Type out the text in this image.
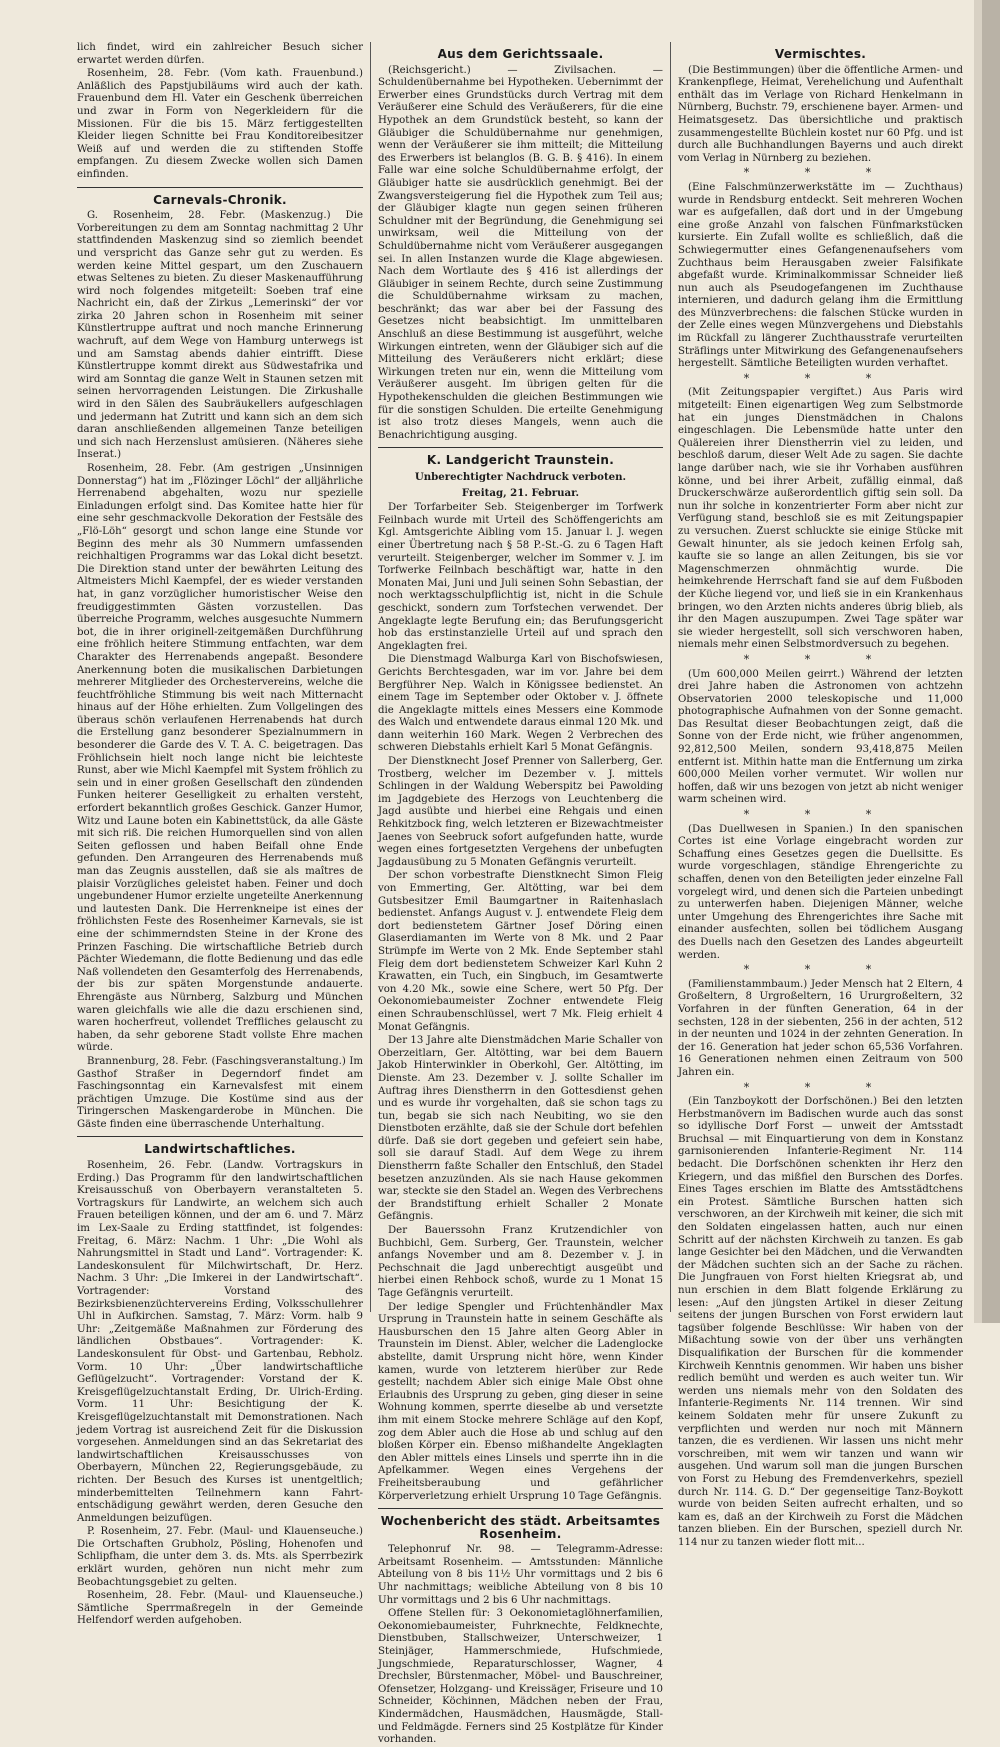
lich findet, wird ein zahlreicher Besuch sicher erwartet werden dürfen.

Rosenheim, 28. Febr. (Vom kath. Frauenbund.) Anläßlich des Papstjubiläums wird auch der kath. Frauenbund dem Hl. Vater ein Geschenk überreichen und zwar in Form von Negerkleidern für die Missionen. Für die bis 15. März fertiggestellten Kleider liegen Schnitte bei Frau Konditoreibesitzer Weiß auf und werden die zu stiftenden Stoffe empfangen. Zu diesem Zwecke wollen sich Damen einfinden.

Carnevals-Chronik.

G. Rosenheim, 28. Febr. (Maskenzug.) Die Vorbereitungen zu dem am Sonntag nachmittag 2 Uhr stattfindenden Maskenzug sind so ziemlich beendet und verspricht das Ganze sehr gut zu werden. Es werden keine Mittel gespart, um den Zuschauern etwas Seltenes zu bieten. Zu dieser Maskenaufführung wird noch folgendes mitgeteilt: Soeben traf eine Nachricht ein, daß der Zirkus „Lemerinski“ der vor zirka 20 Jahren schon in Rosenheim mit seiner Künstlertruppe auftrat und noch manche Erinnerung wachruft, auf dem Wege von Hamburg unterwegs ist und am Samstag abends dahier eintrifft. Diese Künstlertruppe kommt direkt aus Südwestafrika und wird am Sonntag die ganze Welt in Staunen setzen mit seinen hervorragenden Leistungen. Die Zirkushalle wird in den Sälen des Saubräukellers aufgeschlagen und jedermann hat Zutritt und kann sich an dem sich daran anschließenden allgemeinen Tanze beteiligen und sich nach Herzenslust amüsieren. (Näheres siehe Inserat.)

Rosenheim, 28. Febr. (Am gestrigen „Unsinnigen Donnerstag“) hat im „Flözinger Löchl“ der alljährliche Herrenabend abgehalten, wozu nur spezielle Einladungen erfolgt sind. Das Komitee hatte hier für eine sehr geschmackvolle Dekoration der Festsäle des „Flö-Löh“ gesorgt und schon lange eine Stunde vor Beginn des mehr als 30 Nummern umfassenden reichhaltigen Programms war das Lokal dicht besetzt. Die Direktion stand unter der bewährten Leitung des Altmeisters Michl Kaempfel, der es wieder verstanden hat, in ganz vorzüglicher humoristischer Weise den freudiggestimmten Gästen vorzustellen. Das überreiche Programm, welches ausgesuchte Nummern bot, die in ihrer originell-zeitgemäßen Durchführung eine fröhlich heitere Stimmung entfachten, war dem Charakter des Herrenabends angepaßt. Besondere Anerkennung boten die musikalischen Darbietungen mehrerer Mitglieder des Orchestervereins, welche die feuchtfröhliche Stimmung bis weit nach Mitternacht hinaus auf der Höhe erhielten. Zum Vollgelingen des überaus schön verlaufenen Herrenabends hat durch die Erstellung ganz besonderer Spezialnummern in besonderer die Garde des V. T. A. C. beigetragen. Das Fröhlichsein hielt noch lange nicht bie leichteste Runst, aber wie Michl Kaempfel mit System fröhlich zu sein und in einer großen Gesellschaft den zündenden Funken heiterer Geselligkeit zu erhalten versteht, erfordert bekanntlich großes Geschick. Ganzer Humor, Witz und Laune boten ein Kabinettstück, da alle Gäste mit sich riß. Die reichen Humorquellen sind von allen Seiten geflossen und haben Beifall ohne Ende gefunden. Den Arrangeuren des Herrenabends muß man das Zeugnis ausstellen, daß sie als maîtres de plaisir Vorzügliches geleistet haben. Feiner und doch ungebundener Humor erzielte ungeteilte Anerkennung und lautesten Dank. Die Herrenkneipe ist eines der fröhlichsten Feste des Rosenheimer Karnevals, sie ist eine der schimmerndsten Steine in der Krone des Prinzen Fasching. Die wirtschaftliche Betrieb durch Pächter Wiedemann, die flotte Bedienung und das edle Naß vollendeten den Gesamterfolg des Herrenabends, der bis zur späten Morgenstunde andauerte. Ehrengäste aus Nürnberg, Salzburg und München waren gleichfalls wie alle die dazu erschienen sind, waren hocherfreut, vollendet Treffliches gelauscht zu haben, da sehr geborene Stadt vollste Ehre machen würde.

Brannenburg, 28. Febr. (Faschingsveranstaltung.) Im Gasthof Straßer in Degerndorf findet am Faschingsonntag ein Karnevalsfest mit einem prächtigen Umzuge. Die Kostüme sind aus der Tiringerschen Maskengarderobe in München. Die Gäste finden eine überraschende Unterhaltung.

Landwirtschaftliches.

Rosenheim, 26. Febr. (Landw. Vortragskurs in Erding.) Das Programm für den landwirtschaftlichen Kreisausschuß von Oberbayern veranstalteten 5. Vortragskurs für Landwirte, an welchem sich auch Frauen beteiligen können, und der am 6. und 7. März im Lex-Saale zu Erding stattfindet, ist folgendes: Freitag, 6. März: Nachm. 1 Uhr: „Die Wohl als Nahrungsmittel in Stadt und Land“. Vortragender: K. Landeskonsulent für Milchwirtschaft, Dr. Herz. Nachm. 3 Uhr: „Die Imkerei in der Landwirtschaft“. Vortragender: Vorstand des Bezirksbienenzüchtervereins Erding, Volksschullehrer Uhl in Aufkirchen. Samstag, 7. März: Vorm. halb 9 Uhr: „Zeitgemäße Maßnahmen zur Förderung des ländlichen Obstbaues“. Vortragender: K. Landeskonsulent für Obst- und Gartenbau, Rebholz. Vorm. 10 Uhr: „Über landwirtschaftliche Geflügelzucht“. Vortragender: Vorstand der K. Kreisgeflügelzuchtanstalt Erding, Dr. Ulrich-Erding. Vorm. 11 Uhr: Besichtigung der K. Kreisgeflügelzuchtanstalt mit Demonstrationen. Nach jedem Vortrag ist ausreichend Zeit für die Diskussion vorgesehen. Anmeldungen sind an das Sekretariat des landwirtschaftlichen Kreisausschusses von Oberbayern, München 22, Regierungsgebäude, zu richten. Der Besuch des Kurses ist unentgeltlich; minderbemittelten Teilnehmern kann Fahrt-entschädigung gewährt werden, deren Gesuche den Anmeldungen beizufügen.

P. Rosenheim, 27. Febr. (Maul- und Klauenseuche.) Die Ortschaften Grubholz, Pösling, Hohenofen und Schlipfham, die unter dem 3. ds. Mts. als Sperrbezirk erklärt wurden, gehören nun nicht mehr zum Beobachtungsgebiet zu gelten.

Rosenheim, 28. Febr. (Maul- und Klauenseuche.) Sämtliche Sperrmaßregeln in der Gemeinde Helfendorf werden aufgehoben.

Aus dem Gerichtssaale.

(Reichsgericht.) — Zivilsachen. — Schuldenübernahme bei Hypotheken. Uebernimmt der Erwerber eines Grundstücks durch Vertrag mit dem Veräußerer eine Schuld des Veräußerers, für die eine Hypothek an dem Grundstück besteht, so kann der Gläubiger die Schuldübernahme nur genehmigen, wenn der Veräußerer sie ihm mitteilt; die Mitteilung des Erwerbers ist belanglos (B. G. B. § 416). In einem Falle war eine solche Schuldübernahme erfolgt, der Gläubiger hatte sie ausdrücklich genehmigt. Bei der Zwangsversteigerung fiel die Hypothek zum Teil aus; der Gläubiger klagte nun gegen seinen früheren Schuldner mit der Begründung, die Genehmigung sei unwirksam, weil die Mitteilung von der Schuldübernahme nicht vom Veräußerer ausgegangen sei. In allen Instanzen wurde die Klage abgewiesen. Nach dem Wortlaute des § 416 ist allerdings der Gläubiger in seinem Rechte, durch seine Zustimmung die Schuldübernahme wirksam zu machen, beschränkt; das war aber bei der Fassung des Gesetzes nicht beabsichtigt. Im unmittelbaren Anschluß an diese Bestimmung ist ausgeführt, welche Wirkungen eintreten, wenn der Gläubiger sich auf die Mitteilung des Veräußerers nicht erklärt; diese Wirkungen treten nur ein, wenn die Mitteilung vom Veräußerer ausgeht. Im übrigen gelten für die Hypothekenschulden die gleichen Bestimmungen wie für die sonstigen Schulden. Die erteilte Genehmigung ist also trotz dieses Mangels, wenn auch die Benachrichtigung ausging.

K. Landgericht Traunstein.
Unberechtigter Nachdruck verboten.
Freitag, 21. Februar.

Der Torfarbeiter Seb. Steigenberger im Torfwerk Feilnbach wurde mit Urteil des Schöffengerichts am Kgl. Amtsgerichte Aibling vom 15. Januar l. J. wegen einer Übertretung nach § 58 P.-St.-G. zu 6 Tagen Haft verurteilt. Steigenberger, welcher im Sommer v. J. im Torfwerke Feilnbach beschäftigt war, hatte in den Monaten Mai, Juni und Juli seinen Sohn Sebastian, der noch werktagsschulpflichtig ist, nicht in die Schule geschickt, sondern zum Torfstechen verwendet. Der Angeklagte legte Berufung ein; das Berufungsgericht hob das erstinstanzielle Urteil auf und sprach den Angeklagten frei.

Die Dienstmagd Walburga Karl von Bischofswiesen, Gerichts Berchtesgaden, war im vor. Jahre bei dem Bergführer Nep. Walch in Königssee bedienstet. An einem Tage im September oder Oktober v. J. öffnete die Angeklagte mittels eines Messers eine Kommode des Walch und entwendete daraus einmal 120 Mk. und dann weiterhin 160 Mark. Wegen 2 Verbrechen des schweren Diebstahls erhielt Karl 5 Monat Gefängnis.

Der Dienstknecht Josef Prenner von Sallerberg, Ger. Trostberg, welcher im Dezember v. J. mittels Schlingen in der Waldung Weberspitz bei Pawolding im Jagdgebiete des Herzogs von Leuchtenberg die Jagd ausübte und hierbei eine Rehgais und einen Rehkitzbock fing, welch letzteren er Bizewachtmeister Jaenes von Seebruck sofort aufgefunden hatte, wurde wegen eines fortgesetzten Vergehens der unbefugten Jagdausübung zu 5 Monaten Gefängnis verurteilt.

Der schon vorbestrafte Dienstknecht Simon Fleig von Emmerting, Ger. Altötting, war bei dem Gutsbesitzer Emil Baumgartner in Raitenhaslach bedienstet. Anfangs August v. J. entwendete Fleig dem dort bedienstetem Gärtner Josef Döring einen Glaserdiamanten im Werte von 8 Mk. und 2 Paar Strümpfe im Werte von 2 Mk. Ende September stahl Fleig dem dort bedienstetem Schweizer Karl Kuhn 2 Krawatten, ein Tuch, ein Singbuch, im Gesamtwerte von 4.20 Mk., sowie eine Schere, wert 50 Pfg. Der Oekonomiebaumeister Zochner entwendete Fleig einen Schraubenschlüssel, wert 7 Mk. Fleig erhielt 4 Monat Gefängnis.

Der 13 Jahre alte Dienstmädchen Marie Schaller von Oberzeitlarn, Ger. Altötting, war bei dem Bauern Jakob Hinterwinkler in Oberkohl, Ger. Altötting, im Dienste. Am 23. Dezember v. J. sollte Schaller im Auftrag ihres Dienstherrn in den Gottesdienst gehen und es wurde ihr vorgehalten, daß sie schon tags zu tun, begab sie sich nach Neubiting, wo sie den Dienstboten erzählte, daß sie der Schule dort befehlen dürfe. Daß sie dort gegeben und gefeiert sein habe, soll sie darauf Stadl. Auf dem Wege zu ihrem Dienstherrn faßte Schaller den Entschluß, den Stadel besetzen anzuzünden. Als sie nach Hause gekommen war, steckte sie den Stadel an. Wegen des Verbrechens der Brandstiftung erhielt Schaller 2 Monate Gefängnis.

Der Bauerssohn Franz Krutzendichler von Buchbichl, Gem. Surberg, Ger. Traunstein, welcher anfangs November und am 8. Dezember v. J. in Pechschnait die Jagd unberechtigt ausgeübt und hierbei einen Rehbock schoß, wurde zu 1 Monat 15 Tage Gefängnis verurteilt.

Der ledige Spengler und Früchtenhändler Max Ursprung in Traunstein hatte in seinem Geschäfte als Hausburschen den 15 Jahre alten Georg Abler in Traunstein im Dienst. Abler, welcher die Ladenglocke abstellte, damit Ursprung nicht höre, wenn Kinder kamen, wurde von letzterem hierüber zur Rede gestellt; nachdem Abler sich einige Male Obst ohne Erlaubnis des Ursprung zu geben, ging dieser in seine Wohnung kommen, sperrte dieselbe ab und versetzte ihm mit einem Stocke mehrere Schläge auf den Kopf, zog dem Abler auch die Hose ab und schlug auf den bloßen Körper ein. Ebenso mißhandelte Angeklagten den Abler mittels eines Linsels und sperrte ihn in die Apfelkammer. Wegen eines Vergehens der Freiheitsberaubung und gefährlicher Körperverletzung erhielt Ursprung 10 Tage Gefängnis.

Wochenbericht des städt. Arbeitsamtes Rosenheim.

Telephonruf Nr. 98. — Telegramm-Adresse: Arbeitsamt Rosenheim. — Amtsstunden: Männliche Abteilung von 8 bis 11½ Uhr vormittags und 2 bis 6 Uhr nachmittags; weibliche Abteilung von 8 bis 10 Uhr vormittags und 2 bis 6 Uhr nachmittags.

Offene Stellen für: 3 Oekonomietaglöhnerfamilien, Oekonomiebaumeister, Fuhrknechte, Feldknechte, Dienstbuben, Stallschweizer, Unterschweizer, 1 Steinjäger, Hammerschmiede, Hufschmiede, Jungschmiede, Reparaturschlosser, Wagner, 4 Drechsler, Bürstenmacher, Möbel- und Bauschreiner, Ofensetzer, Holzgang- und Kreissäger, Friseure und 10 Schneider, Köchinnen, Mädchen neben der Frau, Kindermädchen, Hausmädchen, Hausmägde, Stall- und Feldmägde. Ferners sind 25 Kostplätze für Kinder vorhanden.

Vermischtes.

(Die Bestimmungen) über die öffentliche Armen- und Krankenpflege, Heimat, Verehelichung und Aufenthalt enthält das im Verlage von Richard Henkelmann in Nürnberg, Buchstr. 79, erschienene bayer. Armen- und Heimatsgesetz. Das übersichtliche und praktisch zusammengestellte Büchlein kostet nur 60 Pfg. und ist durch alle Buchhandlungen Bayerns und auch direkt vom Verlag in Nürnberg zu beziehen.

* * *

(Eine Falschmünzerwerkstätte im — Zuchthaus) wurde in Rendsburg entdeckt. Seit mehreren Wochen war es aufgefallen, daß dort und in der Umgebung eine große Anzahl von falschen Fünfmarkstücken kursierte. Ein Zufall wollte es schließlich, daß die Schwiegermutter eines Gefangenenaufsehers vom Zuchthaus beim Herausgaben zweier Falsifikate abgefaßt wurde. Kriminalkommissar Schneider ließ nun auch als Pseudogefangenen im Zuchthause internieren, und dadurch gelang ihm die Ermittlung des Münzverbrechens: die falschen Stücke wurden in der Zelle eines wegen Münzvergehens und Diebstahls im Rückfall zu längerer Zuchthausstrafe verurteilten Sträflings unter Mitwirkung des Gefangenenaufsehers hergestellt. Sämtliche Beteiligten wurden verhaftet.

* * *

(Mit Zeitungspapier vergiftet.) Aus Paris wird mitgeteilt: Einen eigenartigen Weg zum Selbstmorde hat ein junges Dienstmädchen in Chalons eingeschlagen. Die Lebensmüde hatte unter den Quälereien ihrer Dienstherrin viel zu leiden, und beschloß darum, dieser Welt Ade zu sagen. Sie dachte lange darüber nach, wie sie ihr Vorhaben ausführen könne, und bei ihrer Arbeit, zufällig einmal, daß Druckerschwärze außerordentlich giftig sein soll. Da nun ihr solche in konzentrierter Form aber nicht zur Verfügung stand, beschloß sie es mit Zeitungspapier zu versuchen. Zuerst schluckte sie einige Stücke mit Gewalt hinunter, als sie jedoch keinen Erfolg sah, kaufte sie so lange an allen Zeitungen, bis sie vor Magenschmerzen ohnmächtig wurde. Die heimkehrende Herrschaft fand sie auf dem Fußboden der Küche liegend vor, und ließ sie in ein Krankenhaus bringen, wo den Arzten nichts anderes übrig blieb, als ihr den Magen auszupumpen. Zwei Tage später war sie wieder hergestellt, soll sich verschworen haben, niemals mehr einen Selbstmordversuch zu begehen.

* * *

(Um 600,000 Meilen geirrt.) Während der letzten drei Jahre haben die Astronomen von achtzehn Observatorien 2000 teleskopische und 11,000 photographische Aufnahmen von der Sonne gemacht. Das Resultat dieser Beobachtungen zeigt, daß die Sonne von der Erde nicht, wie früher angenommen, 92,812,500 Meilen, sondern 93,418,875 Meilen entfernt ist. Mithin hatte man die Entfernung um zirka 600,000 Meilen vorher vermutet. Wir wollen nur hoffen, daß wir uns bezogen von jetzt ab nicht weniger warm scheinen wird.

* * *

(Das Duellwesen in Spanien.) In den spanischen Cortes ist eine Vorlage eingebracht worden zur Schaffung eines Gesetzes gegen die Duellsitte. Es wurde vorgeschlagen, ständige Ehrengerichte zu schaffen, denen von den Beteiligten jeder einzelne Fall vorgelegt wird, und denen sich die Parteien unbedingt zu unterwerfen haben. Diejenigen Männer, welche unter Umgehung des Ehrengerichtes ihre Sache mit einander ausfechten, sollen bei tödlichem Ausgang des Duells nach den Gesetzen des Landes abgeurteilt werden.

* * *

(Familienstammbaum.) Jeder Mensch hat 2 Eltern, 4 Großeltern, 8 Urgroßeltern, 16 Ururgroßeltern, 32 Vorfahren in der fünften Generation, 64 in der sechsten, 128 in der siebenten, 256 in der achten, 512 in der neunten und 1024 in der zehnten Generation. In der 16. Generation hat jeder schon 65,536 Vorfahren. 16 Generationen nehmen einen Zeitraum von 500 Jahren ein.

* * *

(Ein Tanzboykott der Dorfschönen.) Bei den letzten Herbstmanövern im Badischen wurde auch das sonst so idyllische Dorf Forst — unweit der Amtsstadt Bruchsal — mit Einquartierung von dem in Konstanz garnisonierenden Infanterie-Regiment Nr. 114 bedacht. Die Dorfschönen schenkten ihr Herz den Kriegern, und das mißfiel den Burschen des Dorfes. Eines Tages erschien im Blatte des Amtsstädtchens ein Protest. Sämtliche Burschen hatten sich verschworen, an der Kirchweih mit keiner, die sich mit den Soldaten eingelassen hatten, auch nur einen Schritt auf der nächsten Kirchweih zu tanzen. Es gab lange Gesichter bei den Mädchen, und die Verwandten der Mädchen suchten sich an der Sache zu rächen. Die Jungfrauen von Forst hielten Kriegsrat ab, und nun erschien in dem Blatt folgende Erklärung zu lesen: „Auf den jüngsten Artikel in dieser Zeitung seitens der jungen Burschen von Forst erwidern laut tagsüber folgende Beschlüsse: Wir haben von der Mißachtung sowie von der über uns verhängten Disqualifikation der Burschen für die kommender Kirchweih Kenntnis genommen. Wir haben uns bisher redlich bemüht und werden es auch weiter tun. Wir werden uns niemals mehr von den Soldaten des Infanterie-Regiments Nr. 114 trennen. Wir sind keinem Soldaten mehr für unsere Zukunft zu verpflichten und werden nur noch mit Männern tanzen, die es verdienen. Wir lassen uns nicht mehr vorschreiben, mit wem wir tanzen und wann wir ausgehen. Und warum soll man die jungen Burschen von Forst zu Hebung des Fremdenverkehrs, speziell durch Nr. 114. G. D.“ Der gegenseitige Tanz-Boykott wurde von beiden Seiten aufrecht erhalten, und so kam es, daß an der Kirchweih zu Forst die Mädchen tanzen blieben. Ein der Burschen, speziell durch Nr. 114 nur zu tanzen wieder flott mit...
